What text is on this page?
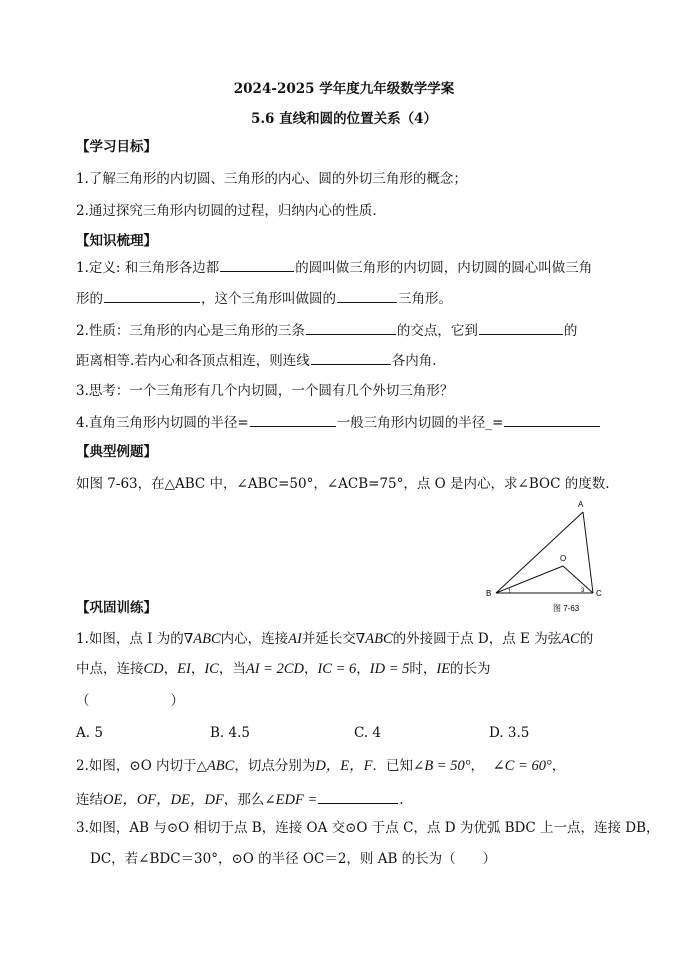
2024-2025 学年度九年级数学学案
5.6 直线和圆的位置关系（4）
【学习目标】
1.了解三角形的内切圆、三角形的内心、圆的外切三角形的概念；
2.通过探究三角形内切圆的过程，归纳内心的性质.
【知识梳理】
1.定义: 和三角形各边都	的圆叫做三角形的内切圆，内切圆的圆心叫做三角
形的	，这个三角形叫做圆的	三角形。
2.性质：三角形的内心是三角形的三条	的交点，它到	的
距离相等.若内心和各顶点相连，则连线	各内角.
3.思考：一个三角形有几个内切圆，一个圆有几个外切三角形？
4.直角三角形内切圆的半径=	一般三角形内切圆的半径_=
【典型例题】
如图 7-63，在△ABC 中，∠ABC=50°，∠ACB=75°，点 O 是内心，求∠BOC 的度数.
A
B	C
O
1	3
图 7-63
【巩固训练】
1.如图，点 I 为的∇ABC内心，连接AI并延长交∇ABC的外接圆于点 D，点 E 为弦AC的
中点，连接CD，EI，IC，当AI = 2CD，IC = 6，ID = 5时，IE的长为
（　　　　　　）
A. 5	B. 4.5	C. 4	D. 3.5
2.如图，⊙O 内切于△ABC，切点分别为D，E，F．已知∠B = 50°，  ∠C = 60°，
连结OE，OF，DE，DF，那么∠EDF =	.
3.如图，AB 与⊙O 相切于点 B，连接 OA 交⊙O 于点 C，点 D 为优弧 BDC 上一点，连接 DB，
DC，若∠BDC＝30°，⊙O 的半径 OC＝2，则 AB 的长为（　　）
